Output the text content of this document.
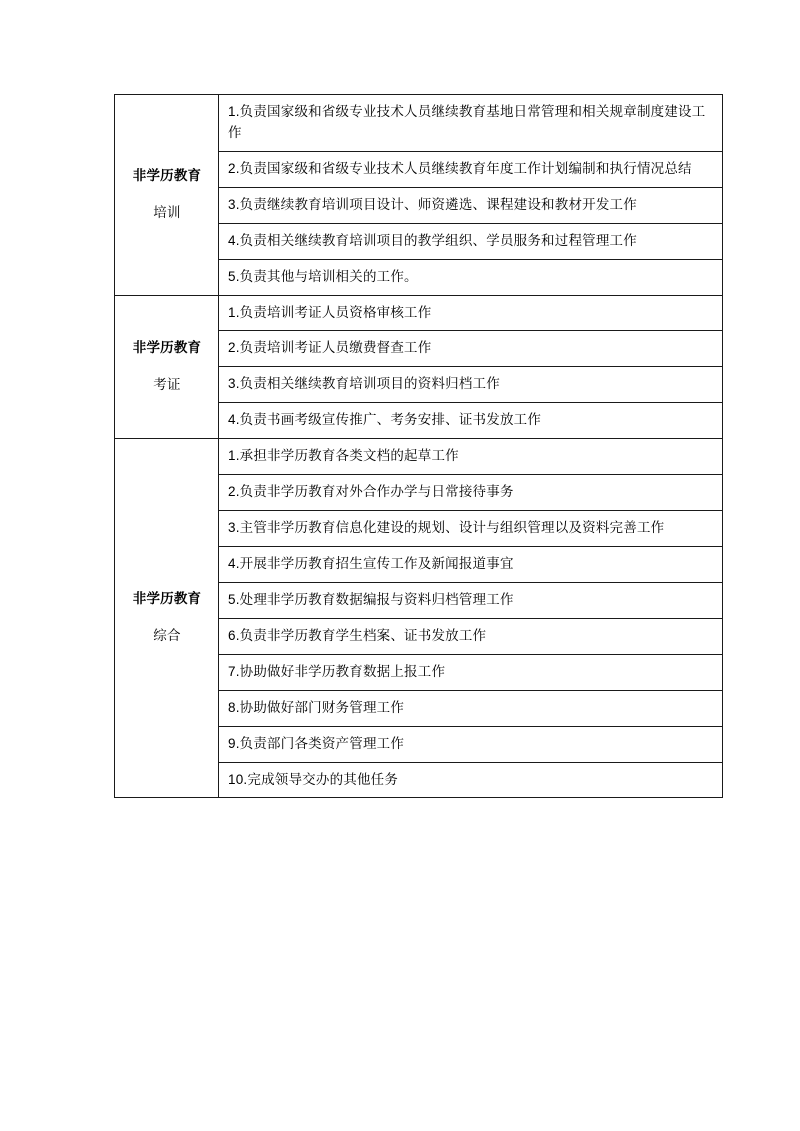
非学历教育
培训	1.负责国家级和省级专业技术人员继续教育基地日常管理和相关规章制度建设工作
	2.负责国家级和省级专业技术人员继续教育年度工作计划编制和执行情况总结
	3.负责继续教育培训项目设计、师资遴选、课程建设和教材开发工作
	4.负责相关继续教育培训项目的教学组织、学员服务和过程管理工作
	5.负责其他与培训相关的工作。

非学历教育
考证	1.负责培训考证人员资格审核工作
	2.负责培训考证人员缴费督查工作
	3.负责相关继续教育培训项目的资料归档工作
	4.负责书画考级宣传推广、考务安排、证书发放工作

非学历教育
综合	1.承担非学历教育各类文档的起草工作
	2.负责非学历教育对外合作办学与日常接待事务
	3.主管非学历教育信息化建设的规划、设计与组织管理以及资料完善工作
	4.开展非学历教育招生宣传工作及新闻报道事宜
	5.处理非学历教育数据编报与资料归档管理工作
	6.负责非学历教育学生档案、证书发放工作
	7.协助做好非学历教育数据上报工作
	8.协助做好部门财务管理工作
	9.负责部门各类资产管理工作
	10.完成领导交办的其他任务
